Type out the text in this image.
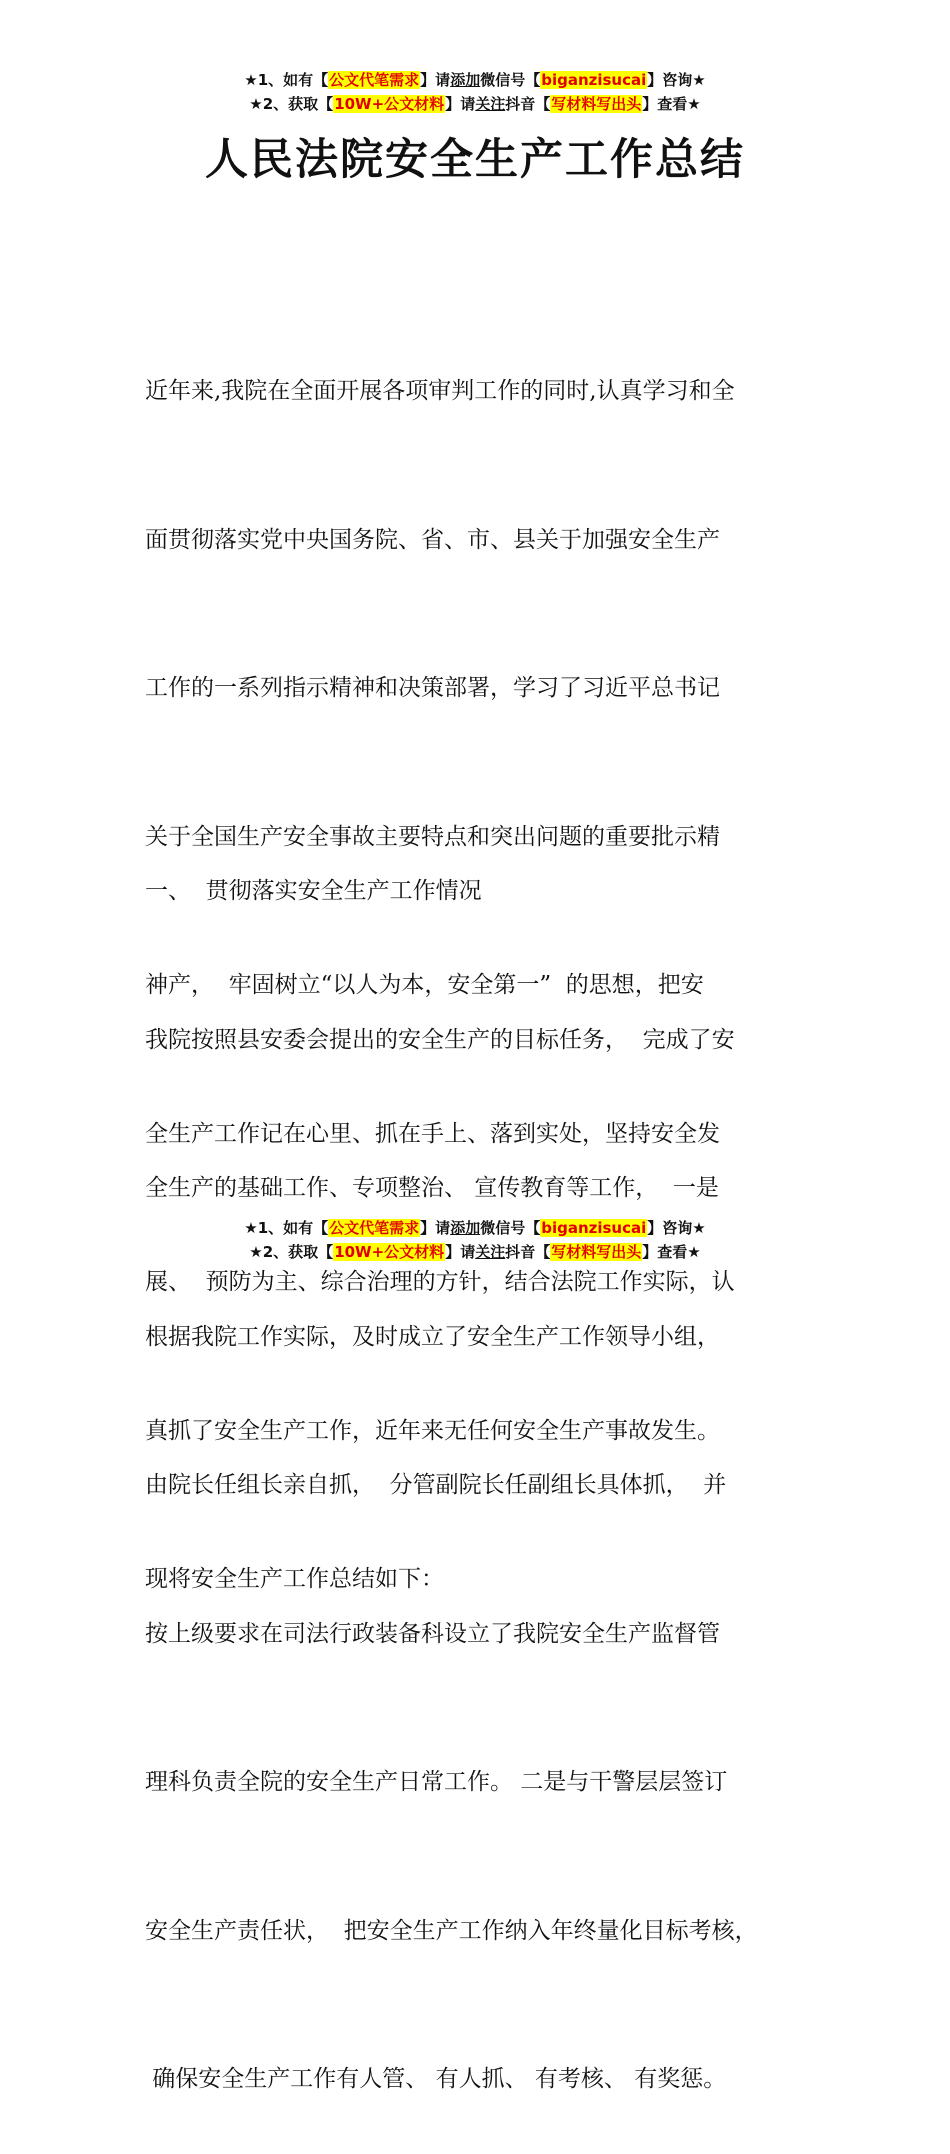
★1、如有【公文代笔需求】请添加微信号【biganzisucai】咨询★
★2、获取【10W+公文材料】请关注抖音【写材料写出头】查看★
人民法院安全生产工作总结

近年来,我院在全面开展各项审判工作的同时,认真学习和全

面贯彻落实党中央国务院、省、市、县关于加强安全生产

工作的一系列指示精神和决策部署，学习了习近平总书记

关于全国生产安全事故主要特点和突出问题的重要批示精

神产，  牢固树立“以人为本，安全第一”  的思想，把安

全生产工作记在心里、抓在手上、落到实处，坚持安全发

展、  预防为主、综合治理的方针，结合法院工作实际，认

真抓了安全生产工作，近年来无任何安全生产事故发生。

现将安全生产工作总结如下：

一、  贯彻落实安全生产工作情况

我院按照县安委会提出的安全生产的目标任务，  完成了安

全生产的基础工作、专项整治、 宣传教育等工作，  一是

根据我院工作实际，及时成立了安全生产工作领导小组，

由院长任组长亲自抓，  分管副院长任副组长具体抓，  并

按上级要求在司法行政装备科设立了我院安全生产监督管

理科负责全院的安全生产日常工作。 二是与干警层层签订

安全生产责任状，  把安全生产工作纳入年终量化目标考核，

确保安全生产工作有人管、 有人抓、 有考核、 有奖惩。

★1、如有【公文代笔需求】请添加微信号【biganzisucai】咨询★
★2、获取【10W+公文材料】请关注抖音【写材料写出头】查看★
